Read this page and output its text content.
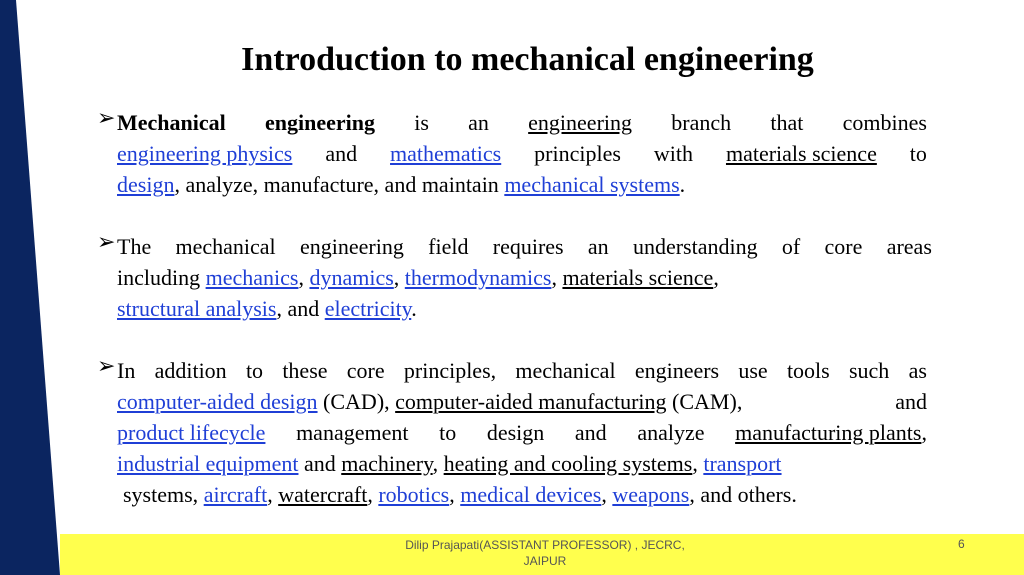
Introduction to mechanical engineering
➢ Mechanical engineering is an engineering branch that combines
engineering physics and mathematics principles with materials science to
design, analyze, manufacture, and maintain mechanical systems.
➢ The mechanical engineering field requires an understanding of core areas
including mechanics, dynamics, thermodynamics, materials science,
structural analysis, and electricity.
➢ In addition to these core principles, mechanical engineers use tools such as
computer-aided design (CAD), computer-aided manufacturing (CAM),	and
product lifecycle management to design and analyze manufacturing plants,
industrial equipment and machinery, heating and cooling systems, transport
systems, aircraft, watercraft, robotics, medical devices, weapons, and others.
Dilip Prajapati(ASSISTANT PROFESSOR) , JECRC,
JAIPUR
6
